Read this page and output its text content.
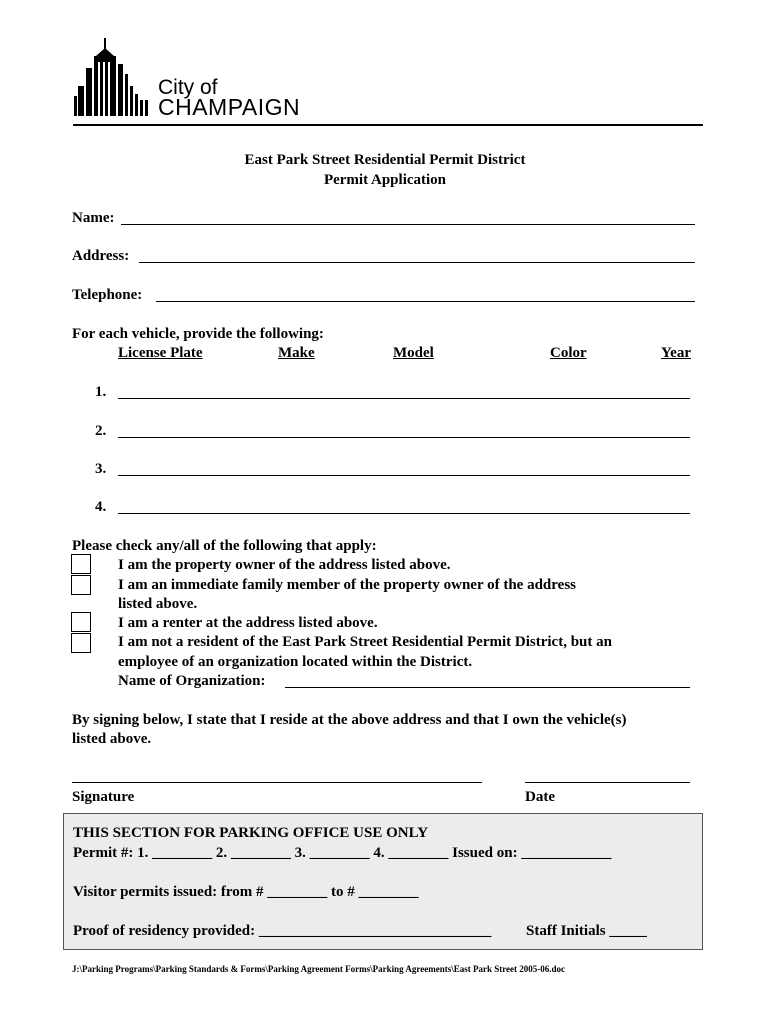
City of
CHAMPAIGN
East Park Street Residential Permit District
Permit Application
Name:
Address:
Telephone:
For each vehicle, provide the following:
License Plate	Make	Model	Color	Year
1.
2.
3.
4.
Please check any/all of the following that apply:
I am the property owner of the address listed above.
I am an immediate family member of the property owner of the address
listed above.
I am a renter at the address listed above.
I am not a resident of the East Park Street Residential Permit District, but an
employee of an organization located within the District.
Name of Organization:
By signing below, I state that I reside at the above address and that I own the vehicle(s)
listed above.
Signature	Date
THIS SECTION FOR PARKING OFFICE USE ONLY
Permit #: 1. ________ 2. ________ 3. ________ 4. ________ Issued on: ____________
Visitor permits issued: from # ________ to # ________
Proof of residency provided: _______________________________ Staff Initials _____
J:\Parking Programs\Parking Standards & Forms\Parking Agreement Forms\Parking Agreements\East Park Street 2005-06.doc
